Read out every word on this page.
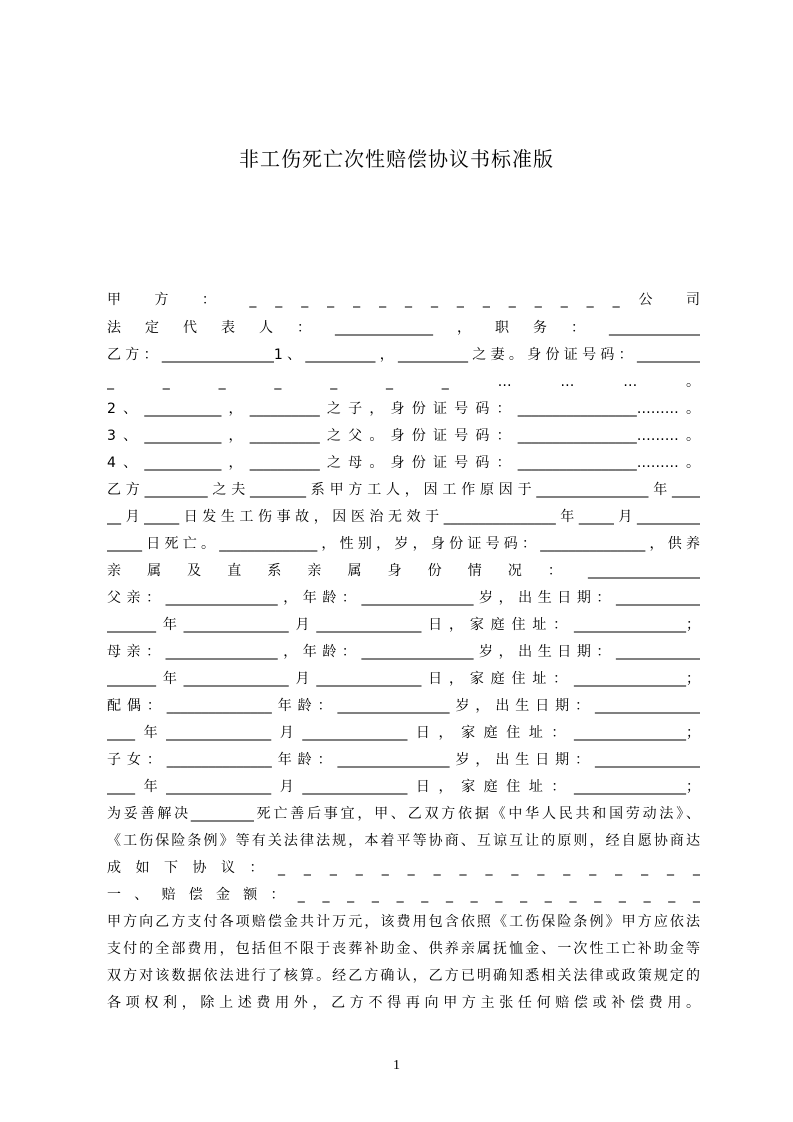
非工伤死亡次性赔偿协议书标准版
甲 方 ： _ _ _ _ _ _ _ _ _ _ _ _ _ _ _ 公 司
法定代表人：______________，职务：_____________
乙方：________________1、__________，__________之妻。身份证号码：_________
_ _ _ _ _ _ _ … … … 。
2、___________，__________之子，身份证号码：_________________………。
3、___________，__________之父。身份证号码：_________________………。
4、___________，__________之母。身份证号码：_________________………。
乙方_________之夫________系甲方工人，因工作原因于________________年____
__月_____日发生工伤事故，因医治无效于________________年_____月_________
_____日死亡。______________，性别，岁，身份证号码：_______________，供养
亲属及直系亲属身份情况：________________
父亲：________________，年龄：________________岁，出生日期：____________
_______年_______________月_______________日，家庭住址：________________；
母亲：________________，年龄：________________岁，出生日期：____________
_______年_______________月_______________日，家庭住址：________________；
配偶：_______________年龄：________________岁，出生日期：_______________
____年_______________月_______________日，家庭住址：________________；
子女：_______________年龄：________________岁，出生日期：_______________
____年_______________月_______________日，家庭住址：________________；
为妥善解决_________死亡善后事宜，甲、乙双方依据《中华人民共和国劳动法》、
《工伤保险条例》等有关法律法规，本着平等协商、互谅互让的原则，经自愿协商达
成如下协议：_ _ _ _ _ _ _ _ _ _ _ _ _ _ _ _ _
一、赔偿金额：_ _ _ _ _ _ _ _ _ _ _ _ _ _ _ _ _
甲方向乙方支付各项赔偿金共计万元，该费用包含依照《工伤保险条例》甲方应依法
支付的全部费用，包括但不限于丧葬补助金、供养亲属抚恤金、一次性工亡补助金等
双方对该数据依法进行了核算。经乙方确认，乙方已明确知悉相关法律或政策规定的
各项权利，除上述费用外，乙方不得再向甲方主张任何赔偿或补偿费用。
1
